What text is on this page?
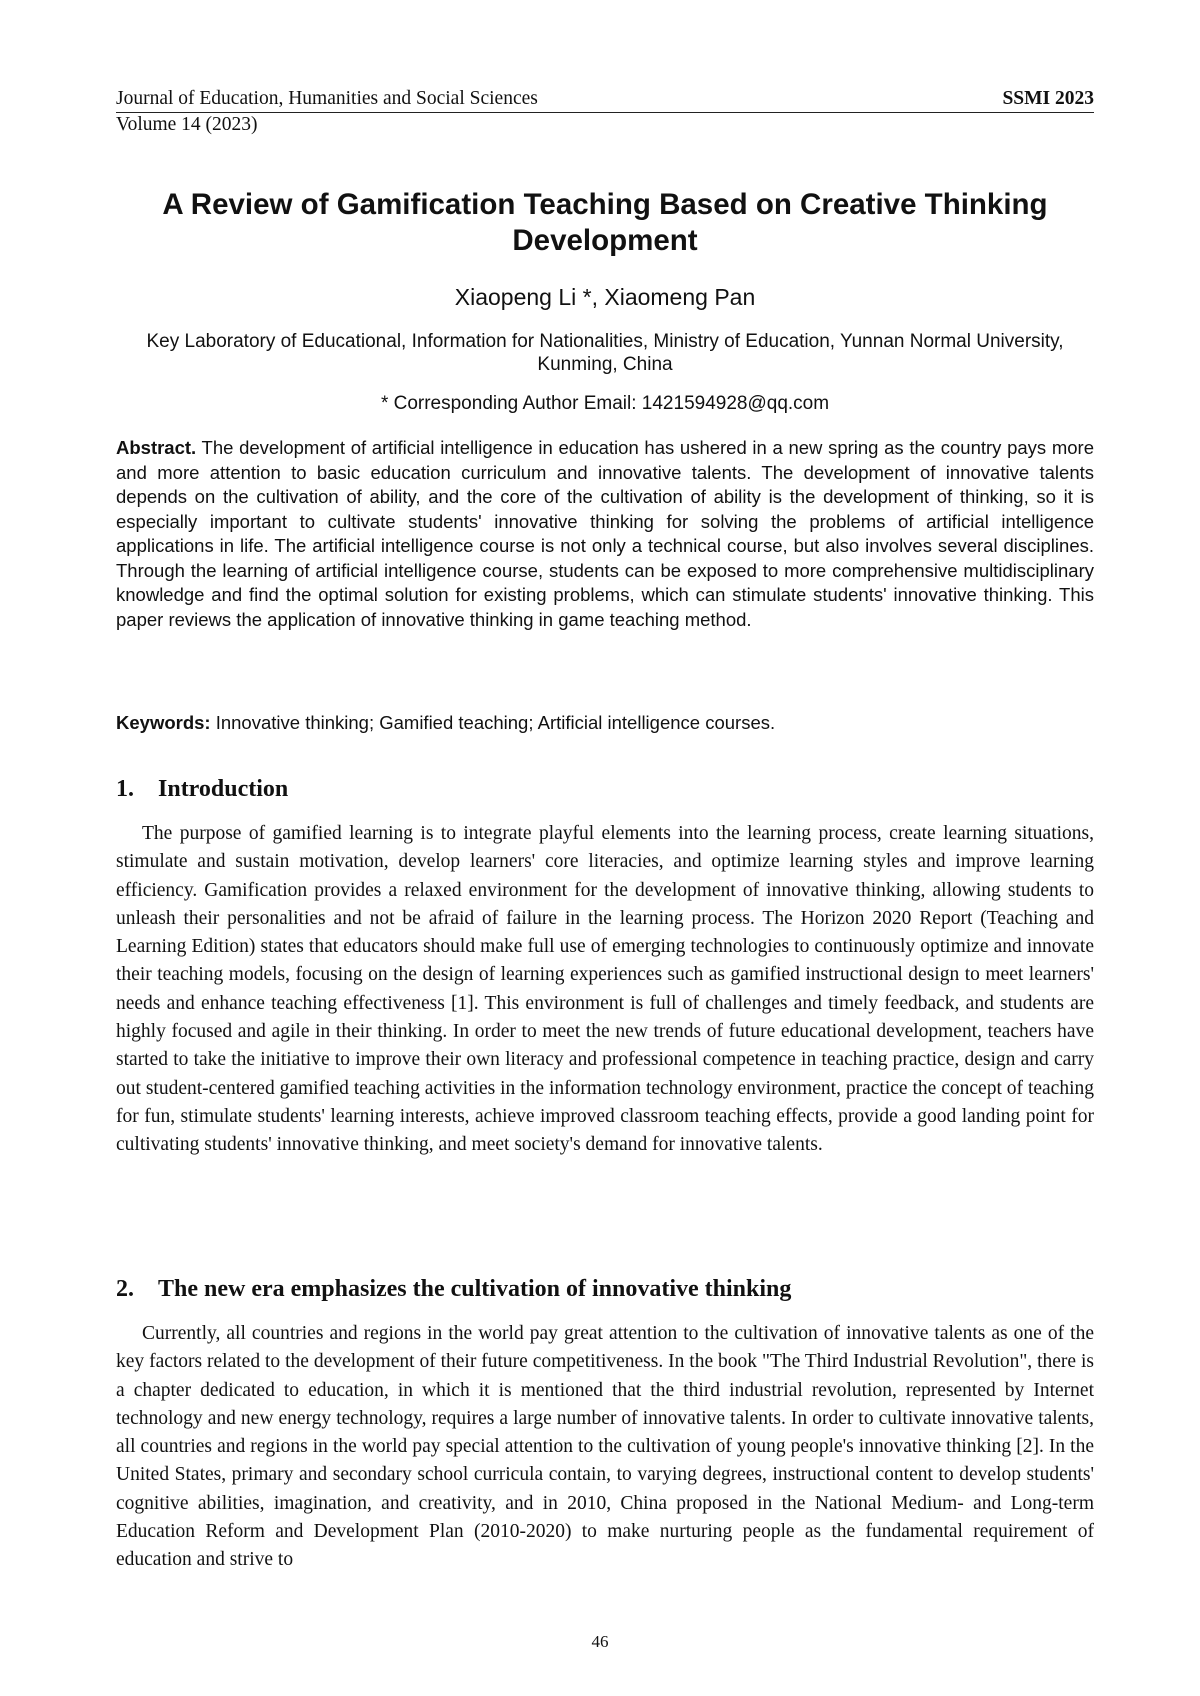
Journal of Education, Humanities and Social Sciences	SSMI 2023
Volume 14 (2023)
A Review of Gamification Teaching Based on Creative Thinking Development
Xiaopeng Li *, Xiaomeng Pan
Key Laboratory of Educational, Information for Nationalities, Ministry of Education, Yunnan Normal University, Kunming, China
* Corresponding Author Email: 1421594928@qq.com

Abstract. The development of artificial intelligence in education has ushered in a new spring as the country pays more and more attention to basic education curriculum and innovative talents. The development of innovative talents depends on the cultivation of ability, and the core of the cultivation of ability is the development of thinking, so it is especially important to cultivate students' innovative thinking for solving the problems of artificial intelligence applications in life. The artificial intelligence course is not only a technical course, but also involves several disciplines. Through the learning of artificial intelligence course, students can be exposed to more comprehensive multidisciplinary knowledge and find the optimal solution for existing problems, which can stimulate students' innovative thinking. This paper reviews the application of innovative thinking in game teaching method.

Keywords: Innovative thinking; Gamified teaching; Artificial intelligence courses.

1. Introduction

The purpose of gamified learning is to integrate playful elements into the learning process, create learning situations, stimulate and sustain motivation, develop learners' core literacies, and optimize learning styles and improve learning efficiency. Gamification provides a relaxed environment for the development of innovative thinking, allowing students to unleash their personalities and not be afraid of failure in the learning process. The Horizon 2020 Report (Teaching and Learning Edition) states that educators should make full use of emerging technologies to continuously optimize and innovate their teaching models, focusing on the design of learning experiences such as gamified instructional design to meet learners' needs and enhance teaching effectiveness [1]. This environment is full of challenges and timely feedback, and students are highly focused and agile in their thinking. In order to meet the new trends of future educational development, teachers have started to take the initiative to improve their own literacy and professional competence in teaching practice, design and carry out student-centered gamified teaching activities in the information technology environment, practice the concept of teaching for fun, stimulate students' learning interests, achieve improved classroom teaching effects, provide a good landing point for cultivating students' innovative thinking, and meet society's demand for innovative talents.

2. The new era emphasizes the cultivation of innovative thinking

Currently, all countries and regions in the world pay great attention to the cultivation of innovative talents as one of the key factors related to the development of their future competitiveness. In the book "The Third Industrial Revolution", there is a chapter dedicated to education, in which it is mentioned that the third industrial revolution, represented by Internet technology and new energy technology, requires a large number of innovative talents. In order to cultivate innovative talents, all countries and regions in the world pay special attention to the cultivation of young people's innovative thinking [2]. In the United States, primary and secondary school curricula contain, to varying degrees, instructional content to develop students' cognitive abilities, imagination, and creativity, and in 2010, China proposed in the National Medium- and Long-term Education Reform and Development Plan (2010-2020) to make nurturing people as the fundamental requirement of education and strive to

46
